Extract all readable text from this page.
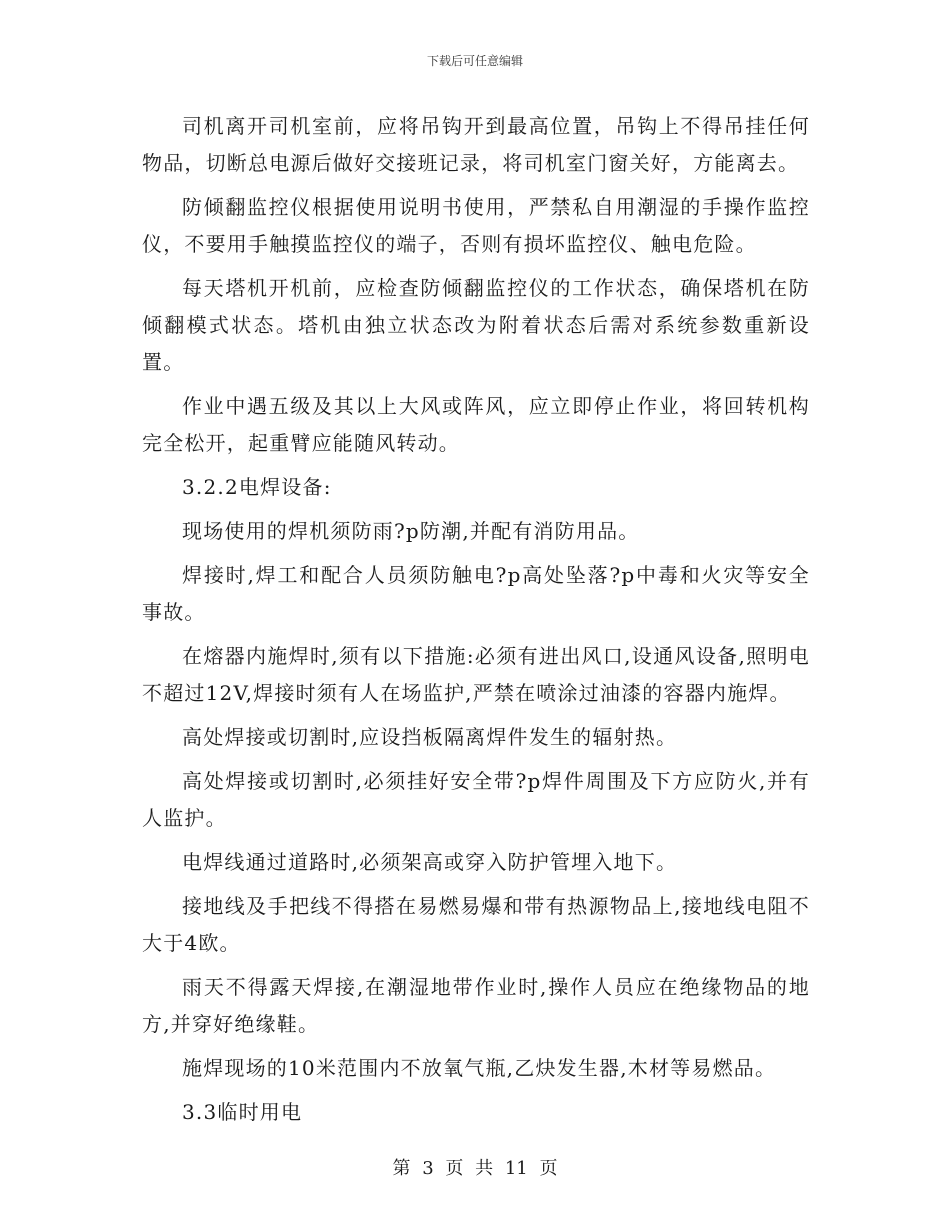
下载后可任意编辑

司机离开司机室前，应将吊钩开到最高位置，吊钩上不得吊挂任何物品，切断总电源后做好交接班记录，将司机室门窗关好，方能离去。

防倾翻监控仪根据使用说明书使用，严禁私自用潮湿的手操作监控仪，不要用手触摸监控仪的端子，否则有损坏监控仪、触电危险。

每天塔机开机前，应检查防倾翻监控仪的工作状态，确保塔机在防倾翻模式状态。塔机由独立状态改为附着状态后需对系统参数重新设置。

作业中遇五级及其以上大风或阵风，应立即停止作业，将回转机构完全松开，起重臂应能随风转动。

3.2.2电焊设备:

现场使用的焊机须防雨?p防潮,并配有消防用品。

焊接时,焊工和配合人员须防触电?p高处坠落?p中毒和火灾等安全事故。

在熔器内施焊时,须有以下措施:必须有进出风口,设通风设备,照明电不超过12V,焊接时须有人在场监护,严禁在喷涂过油漆的容器内施焊。

高处焊接或切割时,应设挡板隔离焊件发生的辐射热。

高处焊接或切割时,必须挂好安全带?p焊件周围及下方应防火,并有人监护。

电焊线通过道路时,必须架高或穿入防护管埋入地下。

接地线及手把线不得搭在易燃易爆和带有热源物品上,接地线电阻不大于4欧。

雨天不得露天焊接,在潮湿地带作业时,操作人员应在绝缘物品的地方,并穿好绝缘鞋。

施焊现场的10米范围内不放氧气瓶,乙炔发生器,木材等易燃品。

3.3临时用电

第 3 页 共 11 页
